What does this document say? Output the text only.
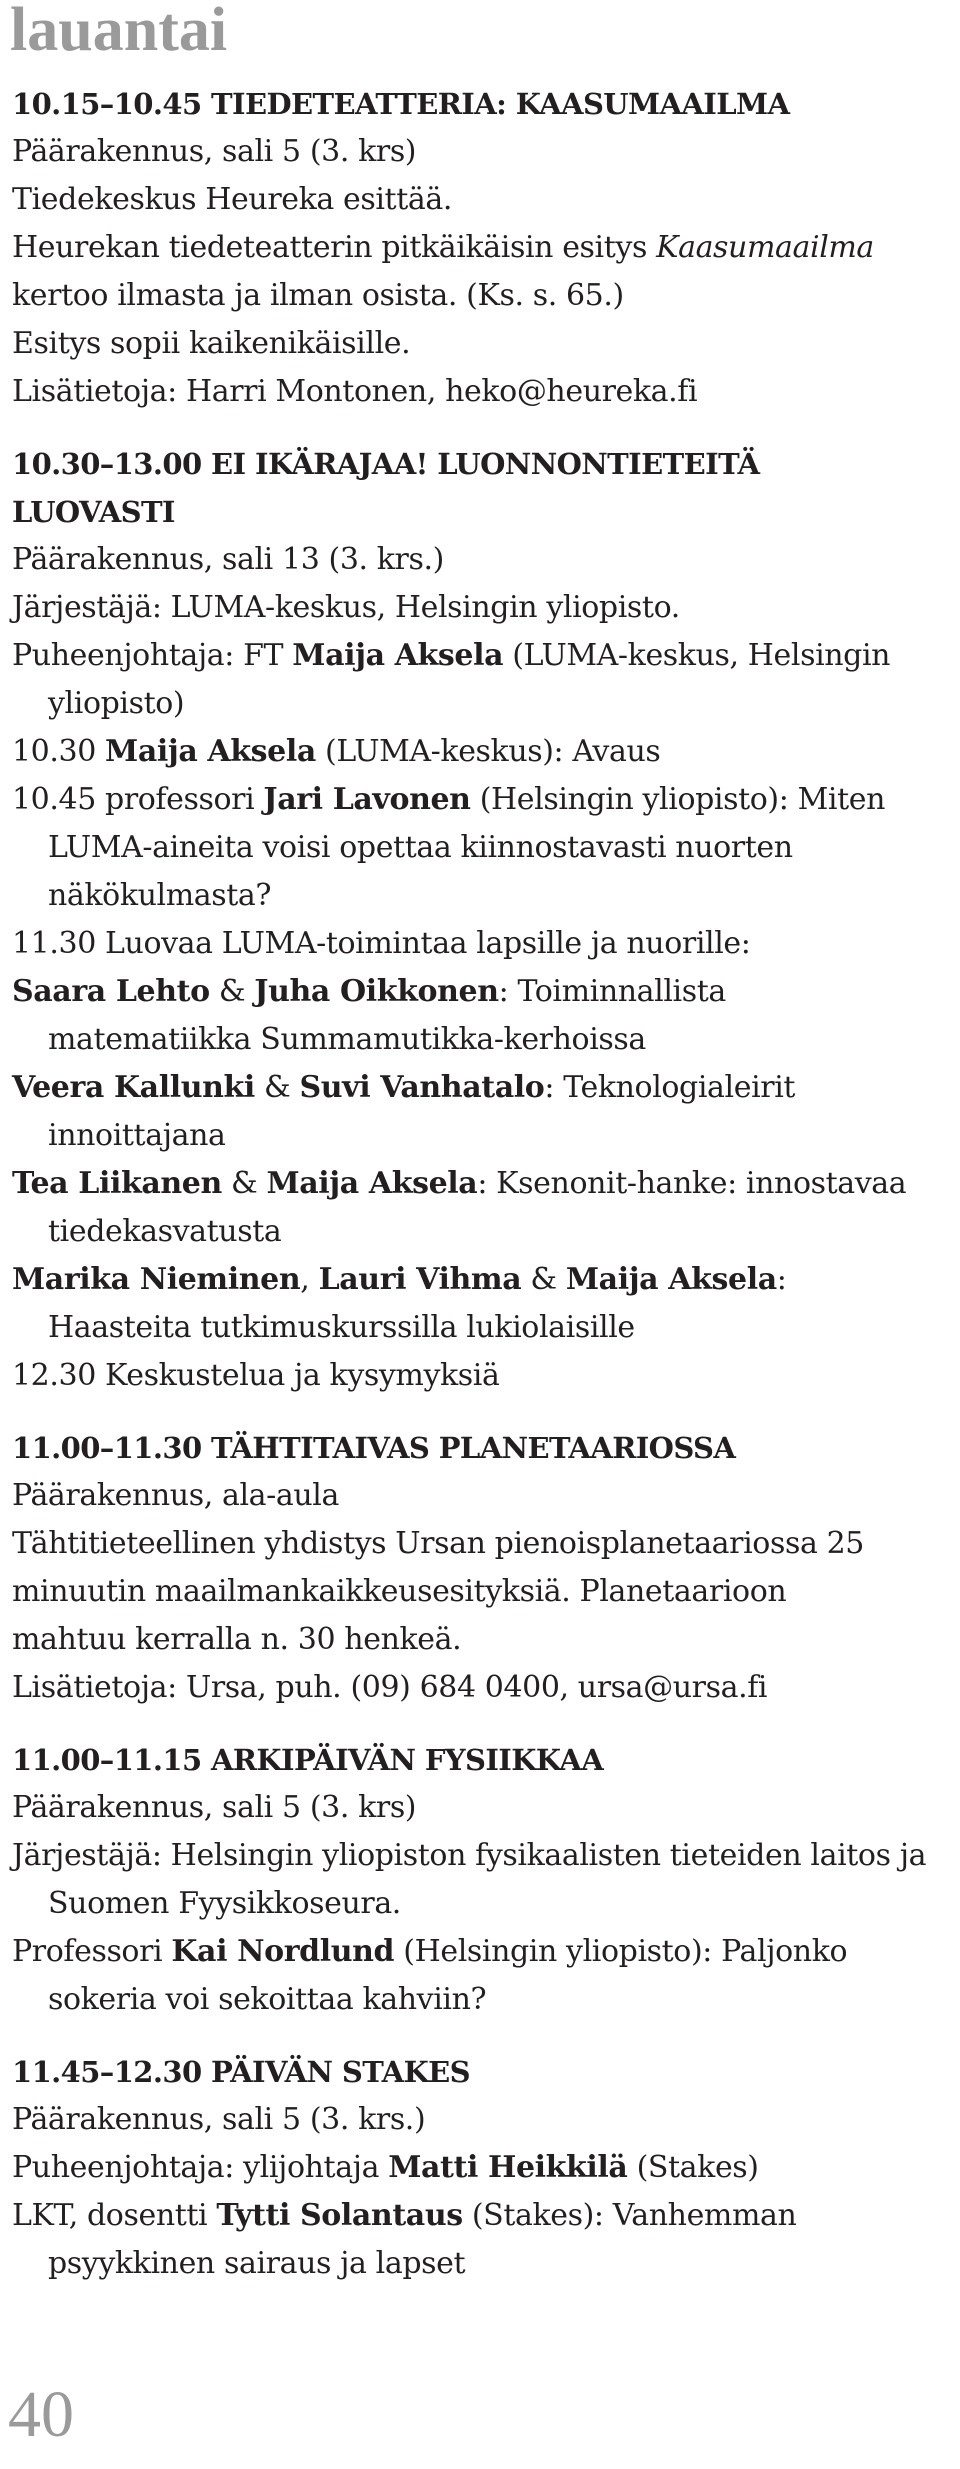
lauantai
10.15–10.45 TIEDETEATTERIA: KAASUMAAILMA
Päärakennus, sali 5 (3. krs)
Tiedekeskus Heureka esittää.
Heurekan tiedeteatterin pitkäikäisin esitys Kaasumaailma
kertoo ilmasta ja ilman osista. (Ks. s. 65.)
Esitys sopii kaikenikäisille.
Lisätietoja: Harri Montonen, heko@heureka.fi
10.30–13.00 EI IKÄRAJAA! LUONNONTIETEITÄ
LUOVASTI
Päärakennus, sali 13 (3. krs.)
Järjestäjä: LUMA-keskus, Helsingin yliopisto.
Puheenjohtaja: FT Maija Aksela (LUMA-keskus, Helsingin yliopisto)
10.30 Maija Aksela (LUMA-keskus): Avaus
10.45 professori Jari Lavonen (Helsingin yliopisto): Miten LUMA-aineita voisi opettaa kiinnostavasti nuorten näkökulmasta?
11.30 Luovaa LUMA-toimintaa lapsille ja nuorille:
Saara Lehto & Juha Oikkonen: Toiminnallista matematiikka Summamutikka-kerhoissa
Veera Kallunki & Suvi Vanhatalo: Teknologialeirit innoittajana
Tea Liikanen & Maija Aksela: Ksenonit-hanke: innostavaa tiedekasvatusta
Marika Nieminen, Lauri Vihma & Maija Aksela: Haasteita tutkimuskurssilla lukiolaisille
12.30 Keskustelua ja kysymyksiä
11.00–11.30 TÄHTITAIVAS PLANETAARIOSSA
Päärakennus, ala-aula
Tähtitieteellinen yhdistys Ursan pienoisplanetaariossa 25
minuutin maailmankaikkeusesityksiä. Planetaarioon
mahtuu kerralla n. 30 henkeä.
Lisätietoja: Ursa, puh. (09) 684 0400, ursa@ursa.fi
11.00–11.15 ARKIPÄIVÄN FYSIIKKAA
Päärakennus, sali 5 (3. krs)
Järjestäjä: Helsingin yliopiston fysikaalisten tieteiden laitos ja Suomen Fyysikkoseura.
Professori Kai Nordlund (Helsingin yliopisto): Paljonko sokeria voi sekoittaa kahviin?
11.45–12.30 PÄIVÄN STAKES
Päärakennus, sali 5 (3. krs.)
Puheenjohtaja: ylijohtaja Matti Heikkilä (Stakes)
LKT, dosentti Tytti Solantaus (Stakes): Vanhemman psyykkinen sairaus ja lapset
40
